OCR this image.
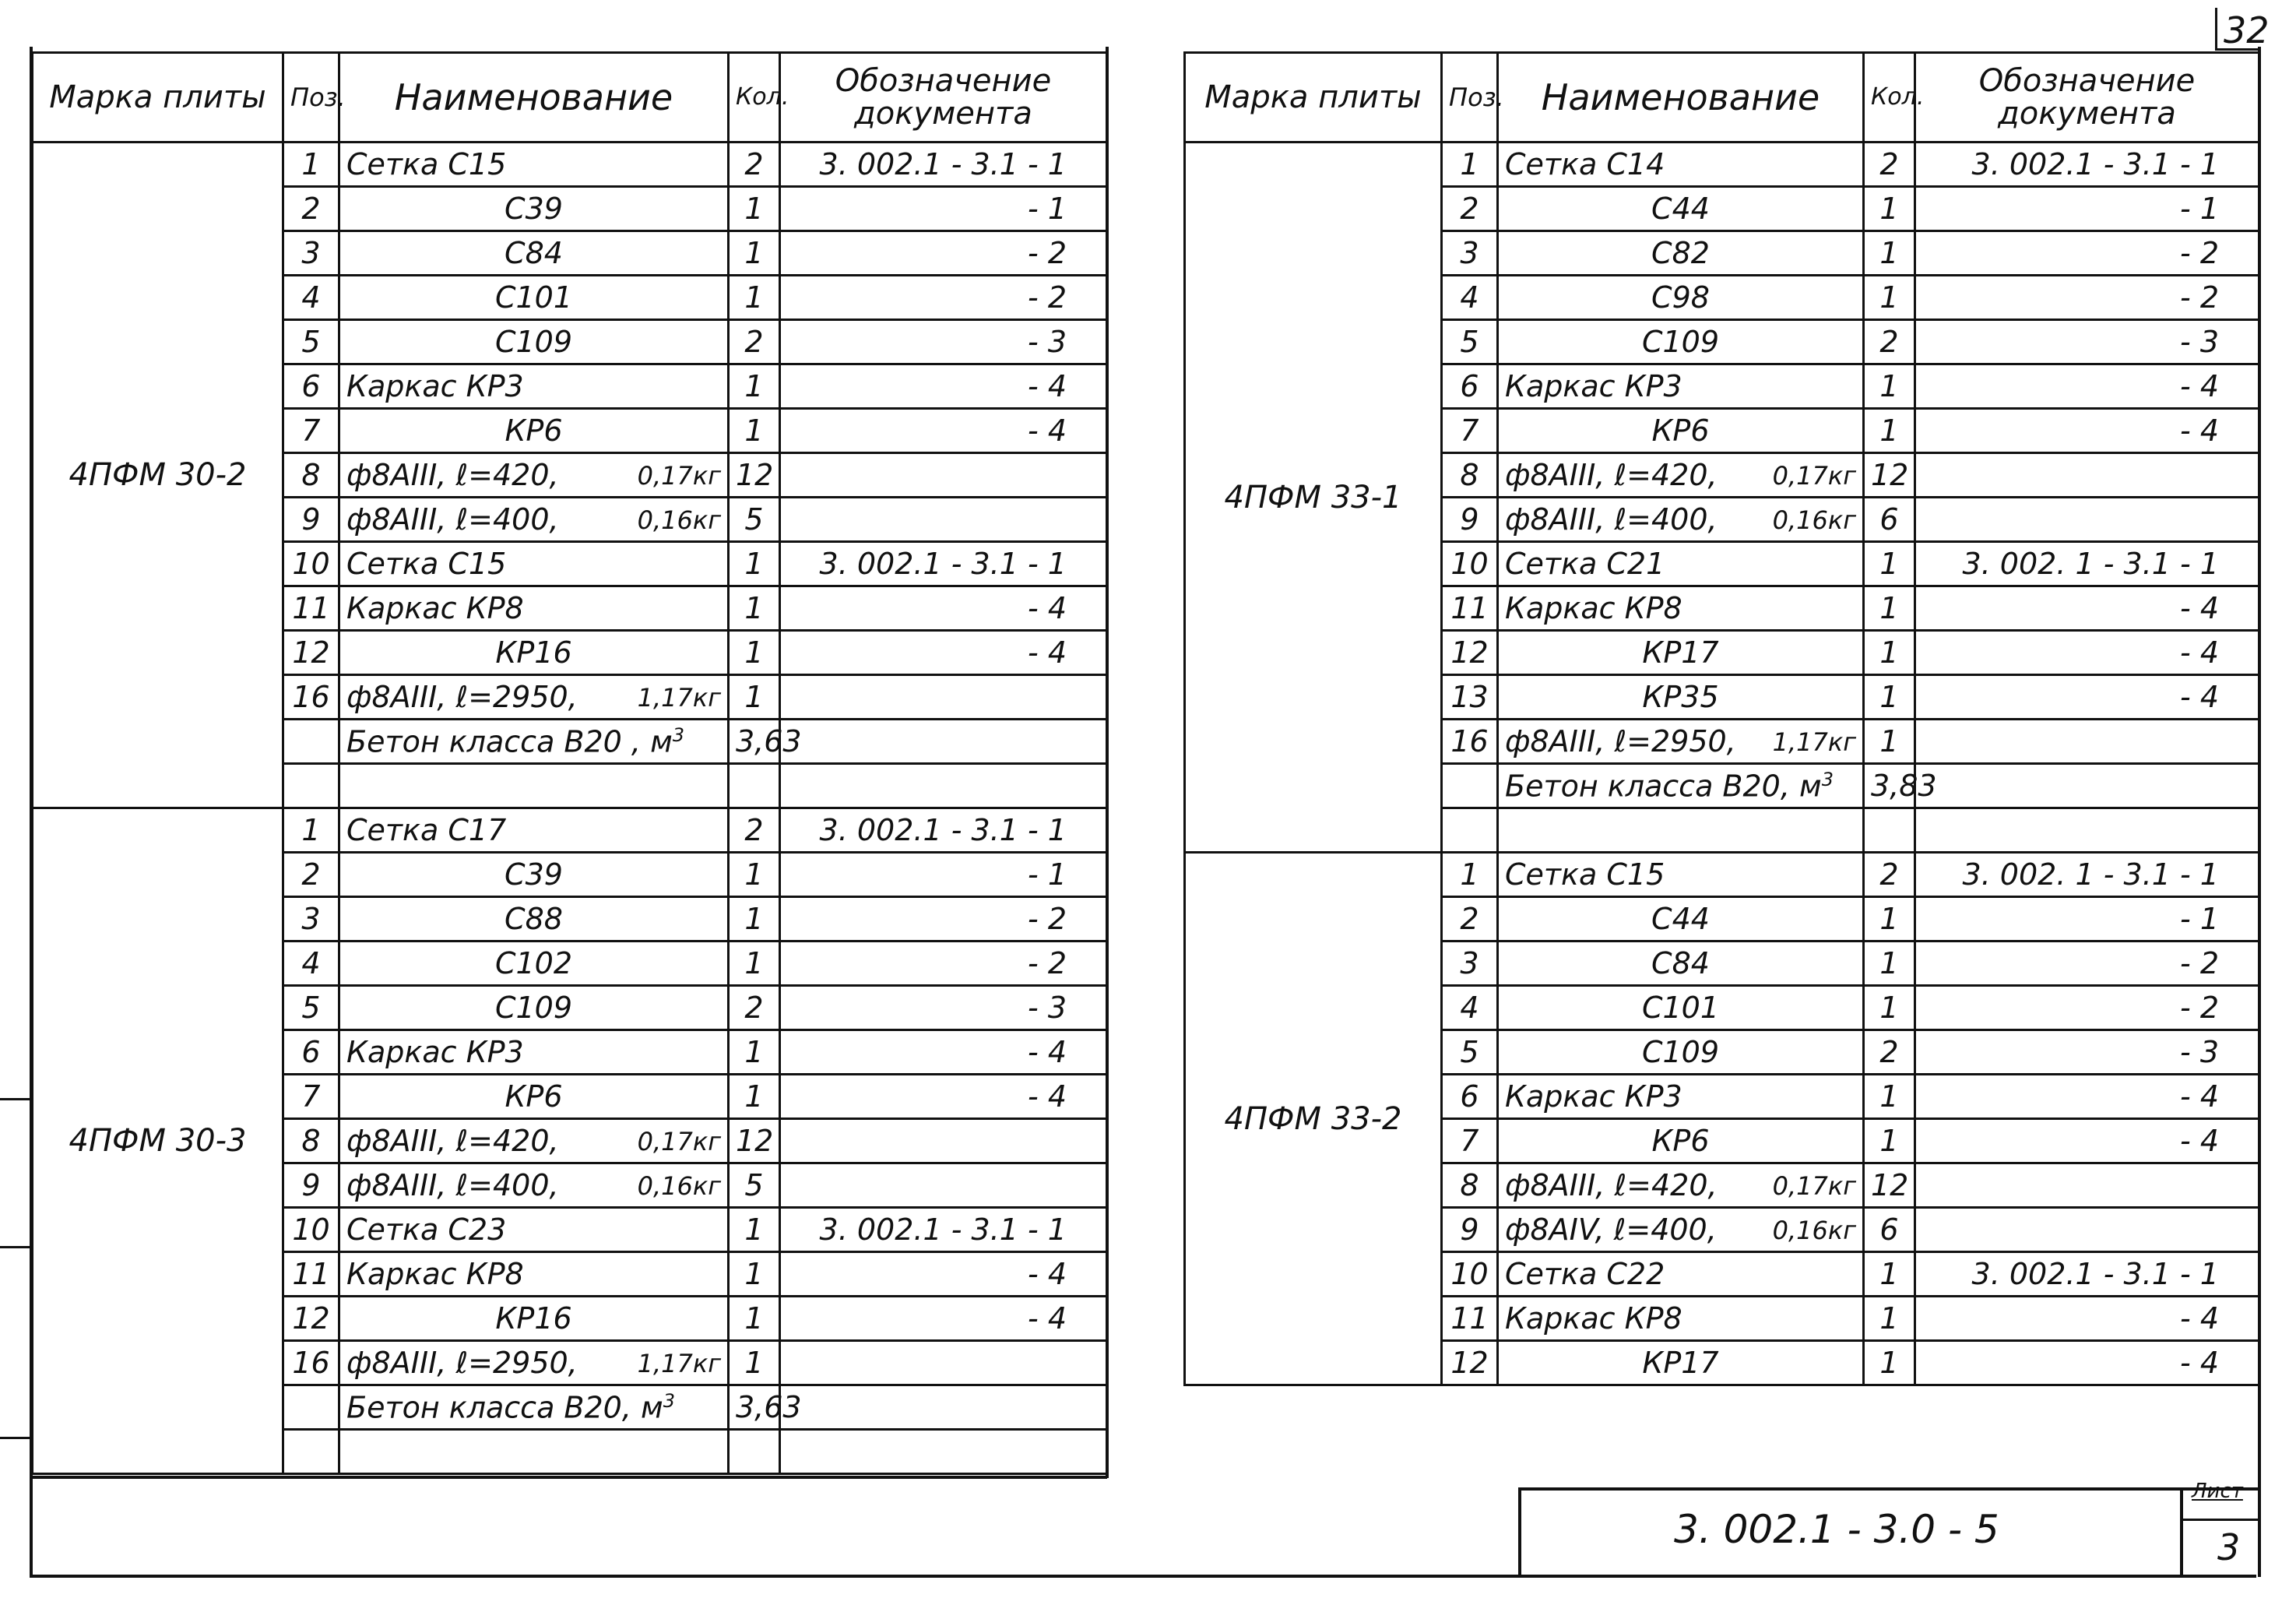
32
3. 002.1 - 3.0 - 5
Лист
3
Марка плиты	Поз.	Наименование	Кол.	Обозначение документа
4ПФМ 30-2	1	Сетка С15	2	3. 002.1 - 3.1 - 1
	2	С39	1	- 1
	3	С84	1	- 2
	4	С101	1	- 2
	5	С109	2	- 3
	6	Каркас КР3	1	- 4
	7	КР6	1	- 4
	8	ф8АIII, ℓ=420, 0,17кг	12	
	9	ф8АIII, ℓ=400, 0,16кг	5	
	10	Сетка С15	1	3. 002.1 - 3.1 - 1
	11	Каркас КР8	1	- 4
	12	КР16	1	- 4
	16	ф8АIII, ℓ=2950, 1,17кг	1	
		Бетон класса В20 , $м^3$	3,63	

4ПФМ 30-3	1	Сетка С17	2	3. 002.1 - 3.1 - 1
	2	С39	1	- 1
	3	С88	1	- 2
	4	С102	1	- 2
	5	С109	2	- 3
	6	Каркас КР3	1	- 4
	7	КР6	1	- 4
	8	ф8АIII, ℓ=420, 0,17кг	12	
	9	ф8АIII, ℓ=400, 0,16кг	5	
	10	Сетка С23	1	3. 002.1 - 3.1 - 1
	11	Каркас КР8	1	- 4
	12	КР16	1	- 4
	16	ф8АIII, ℓ=2950, 1,17кг	1	
		Бетон класса В20, $м^3$	3,63	

Марка плиты	Поз.	Наименование	Кол.	Обозначение документа
4ПФМ 33-1	1	Сетка С14	2	3. 002.1 - 3.1 - 1
	2	С44	1	- 1
	3	С82	1	- 2
	4	С98	1	- 2
	5	С109	2	- 3
	6	Каркас КР3	1	- 4
	7	КР6	1	- 4
	8	ф8АIII, ℓ=420, 0,17кг	12	
	9	ф8АIII, ℓ=400, 0,16кг	6	
	10	Сетка С21	1	3. 002. 1 - 3.1 - 1
	11	Каркас КР8	1	- 4
	12	КР17	1	- 4
	13	КР35	1	- 4
	16	ф8АIII, ℓ=2950, 1,17кг	1	
		Бетон класса В20, $м^3$	3,83	

4ПФМ 33-2	1	Сетка С15	2	3. 002. 1 - 3.1 - 1
	2	С44	1	- 1
	3	С84	1	- 2
	4	С101	1	- 2
	5	С109	2	- 3
	6	Каркас КР3	1	- 4
	7	КР6	1	- 4
	8	ф8АIII, ℓ=420, 0,17кг	12	
	9	ф8АIV, ℓ=400, 0,16кг	6	
	10	Сетка С22	1	3. 002.1 - 3.1 - 1
	11	Каркас КР8	1	- 4
	12	КР17	1	- 4
